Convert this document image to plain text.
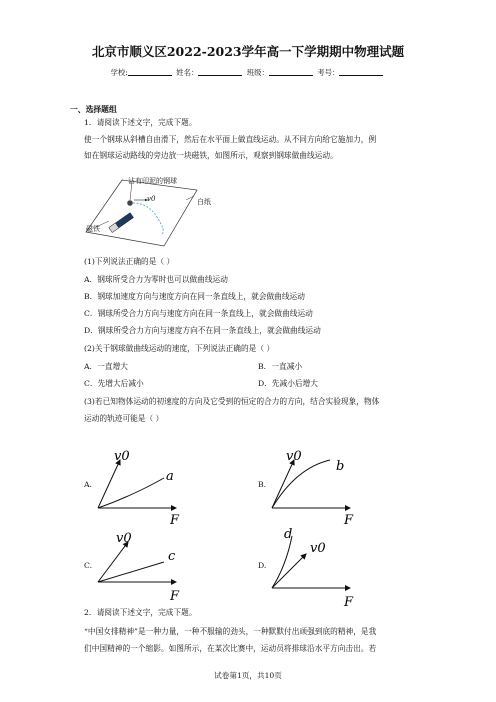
北京市顺义区2022-2023学年高一下学期期中物理试题
学校:	姓名：	班级：	考号：
一、选择题组
1．请阅读下述文字，完成下题。
使一个钢球从斜槽自由滑下，然后在水平面上做直线运动。从不同方向给它施加力，例
如在钢球运动路线的旁边放一块磁铁，如图所示，观察到钢球做曲线运动。
沾有印泥的钢球
v0	白纸
磁铁
(1)下列说法正确的是（ ）
A．钢球所受合力为零时也可以做曲线运动
B．钢球加速度方向与速度方向在同一条直线上，就会做曲线运动
C．钢球所受合力方向与速度方向在同一条直线上，就会做曲线运动
D．钢球所受合力方向与速度方向不在同一条直线上，就会做曲线运动
(2)关于钢球做曲线运动的速度，下列说法正确的是（ ）
A．一直增大	B．一直减小
C．先增大后减小	D．先减小后增大
(3)若已知物体运动的初速度的方向及它受到的恒定的合力的方向，结合实验现象，物体
运动的轨迹可能是（ ）
A.
v0
a
F
B.
v0
b
F
C.
v0
c
F
D.
d
v0
F
2．请阅读下述文字，完成下题。
“中国女排精神”是一种力量，一种不服输的劲头，一种默默付出顽强到底的精神，是我
们中国精神的一个缩影。如图所示，在某次比赛中，运动员将排球沿水平方向击出。若
试卷第1页，共10页
